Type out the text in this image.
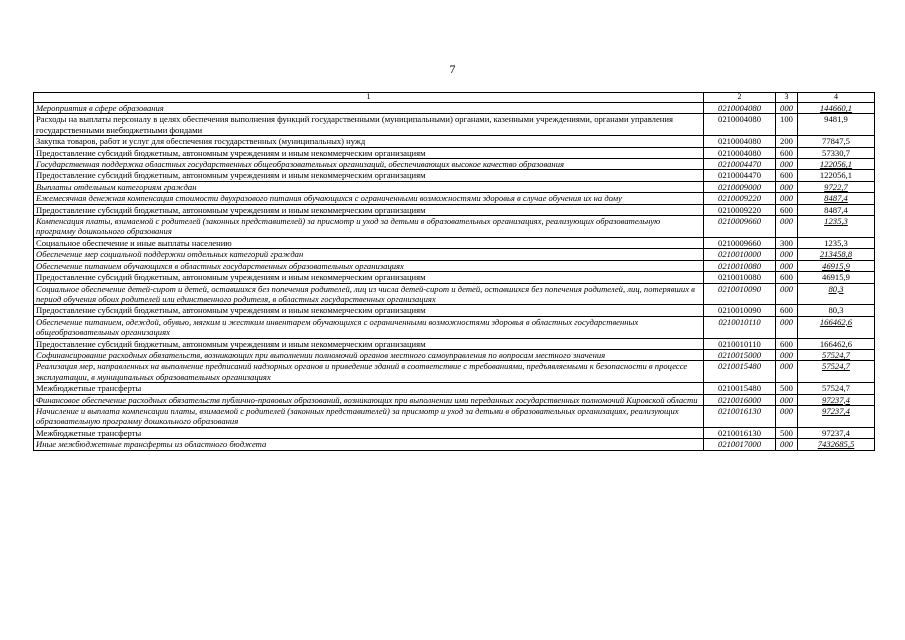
7
1	2	3	4
Мероприятия в сфере образования	0210004080	000	144660,1
Расходы на выплаты персоналу в целях обеспечения выполнения функций государственными (муниципальными) органами, казенными учреждениями, органами управления государственными внебюджетными фондами	0210004080	100	9481,9
Закупка товаров, работ и услуг для обеспечения государственных (муниципальных) нужд	0210004080	200	77847,5
Предоставление субсидий бюджетным, автономным учреждениям и иным некоммерческим организациям	0210004080	600	57330,7
Государственная поддержка областных государственных общеобразовательных организаций, обеспечивающих высокое качество образования	0210004470	000	122056,1
Предоставление субсидий бюджетным, автономным учреждениям и иным некоммерческим организациям	0210004470	600	122056,1
Выплаты отдельным категориям граждан	0210009000	000	9722,7
Ежемесячная денежная компенсация стоимости двухразового питания обучающихся с ограниченными возможностями здоровья в случае обучения их на дому	0210009220	000	8487,4
Предоставление субсидий бюджетным, автономным учреждениям и иным некоммерческим организациям	0210009220	600	8487,4
Компенсация платы, взимаемой с родителей (законных представителей) за присмотр и уход за детьми в образовательных организациях, реализующих образовательную программу дошкольного образования	0210009660	000	1235,3
Социальное обеспечение и иные выплаты населению	0210009660	300	1235,3
Обеспечение мер социальной поддержки отдельных категорий граждан	0210010000	000	213458,8
Обеспечение питанием обучающихся в областных государственных образовательных организациях	0210010080	000	46915,9
Предоставление субсидий бюджетным, автономным учреждениям и иным некоммерческим организациям	0210010080	600	46915,9
Социальное обеспечение детей-сирот и детей, оставшихся без попечения родителей, лиц из числа детей-сирот и детей, оставшихся без попечения родителей, лиц, потерявших в период обучения обоих родителей или единственного родителя, в областных государственных организациях	0210010090	000	80,3
Предоставление субсидий бюджетным, автономным учреждениям и иным некоммерческим организациям	0210010090	600	80,3
Обеспечение питанием, одеждой, обувью, мягким и жестким инвентарем обучающихся с ограниченными возможностями здоровья в областных государственных общеобразовательных организациях	0210010110	000	166462,6
Предоставление субсидий бюджетным, автономным учреждениям и иным некоммерческим организациям	0210010110	600	166462,6
Софинансирование расходных обязательств, возникающих при выполнении полномочий органов местного самоуправления по вопросам местного значения	0210015000	000	57524,7
Реализация мер, направленных на выполнение предписаний надзорных органов и приведение зданий в соответствие с требованиями, предъявляемыми к безопасности в процессе эксплуатации, в муниципальных образовательных организациях	0210015480	000	57524,7
Межбюджетные трансферты	0210015480	500	57524,7
Финансовое обеспечение расходных обязательств публично-правовых образований, возникающих при выполнении ими переданных государственных полномочий Кировской области	0210016000	000	97237,4
Начисление и выплата компенсации платы, взимаемой с родителей (законных представителей) за присмотр и уход за детьми в образовательных организациях, реализующих образовательную программу дошкольного образования	0210016130	000	97237,4
Межбюджетные трансферты	0210016130	500	97237,4
Иные межбюджетные трансферты из областного бюджета	0210017000	000	7432685,5
